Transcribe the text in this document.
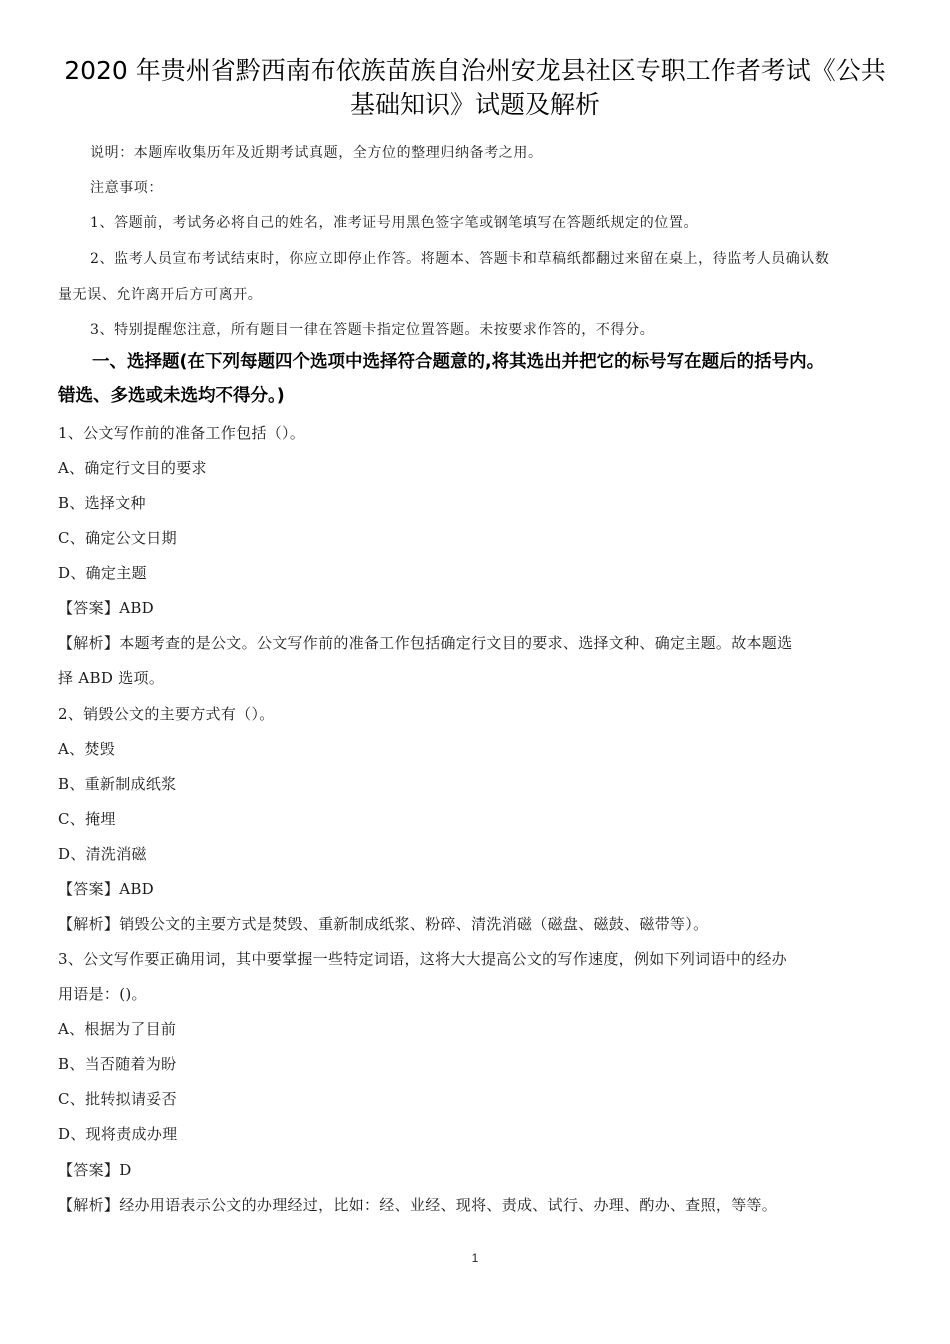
2020 年贵州省黔西南布依族苗族自治州安龙县社区专职工作者考试《公共
基础知识》试题及解析
说明：本题库收集历年及近期考试真题，全方位的整理归纳备考之用。
注意事项：
1、答题前，考试务必将自己的姓名，准考证号用黑色签字笔或钢笔填写在答题纸规定的位置。
2、监考人员宣布考试结束时，你应立即停止作答。将题本、答题卡和草稿纸都翻过来留在桌上，待监考人员确认数
量无误、允许离开后方可离开。
3、特别提醒您注意，所有题目一律在答题卡指定位置答题。未按要求作答的，不得分。
一、选择题(在下列每题四个选项中选择符合题意的,将其选出并把它的标号写在题后的括号内。
错选、多选或未选均不得分。)
1、公文写作前的准备工作包括（）。
A、确定行文目的要求
B、选择文种
C、确定公文日期
D、确定主题
【答案】ABD
【解析】本题考查的是公文。公文写作前的准备工作包括确定行文目的要求、选择文种、确定主题。故本题选
择 ABD 选项。
2、销毁公文的主要方式有（）。
A、焚毁
B、重新制成纸浆
C、掩埋
D、清洗消磁
【答案】ABD
【解析】销毁公文的主要方式是焚毁、重新制成纸浆、粉碎、清洗消磁（磁盘、磁鼓、磁带等）。
3、公文写作要正确用词，其中要掌握一些特定词语，这将大大提高公文的写作速度，例如下列词语中的经办
用语是：()。
A、根据为了目前
B、当否随着为盼
C、批转拟请妥否
D、现将责成办理
【答案】D
【解析】经办用语表示公文的办理经过，比如：经、业经、现将、责成、试行、办理、酌办、查照，等等。
1
